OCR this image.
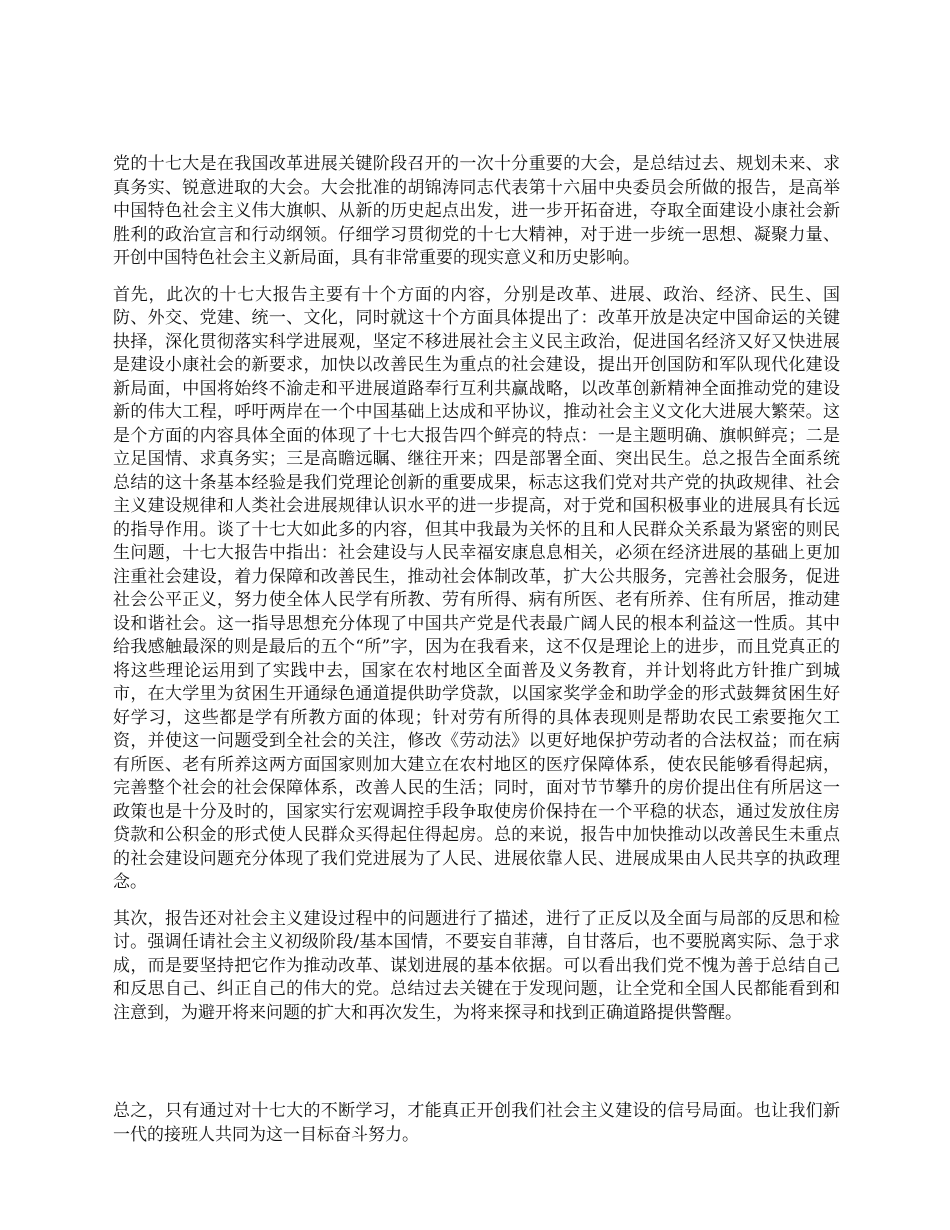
党的十七大是在我国改革进展关键阶段召开的一次十分重要的大会，是总结过去、规划未来、求真务实、锐意进取的大会。大会批准的胡锦涛同志代表第十六届中央委员会所做的报告，是高举中国特色社会主义伟大旗帜、从新的历史起点出发，进一步开拓奋进，夺取全面建设小康社会新胜利的政治宣言和行动纲领。仔细学习贯彻党的十七大精神，对于进一步统一思想、凝聚力量、开创中国特色社会主义新局面，具有非常重要的现实意义和历史影响。

首先，此次的十七大报告主要有十个方面的内容，分别是改革、进展、政治、经济、民生、国防、外交、党建、统一、文化，同时就这十个方面具体提出了：改革开放是决定中国命运的关键抉择，深化贯彻落实科学进展观，坚定不移进展社会主义民主政治，促进国名经济又好又快进展是建设小康社会的新要求，加快以改善民生为重点的社会建设，提出开创国防和军队现代化建设新局面，中国将始终不渝走和平进展道路奉行互利共赢战略，以改革创新精神全面推动党的建设新的伟大工程，呼吁两岸在一个中国基础上达成和平协议，推动社会主义文化大进展大繁荣。这是个方面的内容具体全面的体现了十七大报告四个鲜亮的特点：一是主题明确、旗帜鲜亮；二是立足国情、求真务实；三是高瞻远瞩、继往开来；四是部署全面、突出民生。总之报告全面系统总结的这十条基本经验是我们党理论创新的重要成果，标志这我们党对共产党的执政规律、社会主义建设规律和人类社会进展规律认识水平的进一步提高，对于党和国积极事业的进展具有长远的指导作用。谈了十七大如此多的内容，但其中我最为关怀的且和人民群众关系最为紧密的则民生问题，十七大报告中指出：社会建设与人民幸福安康息息相关，必须在经济进展的基础上更加注重社会建设，着力保障和改善民生，推动社会体制改革，扩大公共服务，完善社会服务，促进社会公平正义，努力使全体人民学有所教、劳有所得、病有所医、老有所养、住有所居，推动建设和谐社会。这一指导思想充分体现了中国共产党是代表最广阔人民的根本利益这一性质。其中给我感触最深的则是最后的五个“所”字，因为在我看来，这不仅是理论上的进步，而且党真正的将这些理论运用到了实践中去，国家在农村地区全面普及义务教育，并计划将此方针推广到城市，在大学里为贫困生开通绿色通道提供助学贷款，以国家奖学金和助学金的形式鼓舞贫困生好好学习，这些都是学有所教方面的体现；针对劳有所得的具体表现则是帮助农民工索要拖欠工资，并使这一问题受到全社会的关注，修改《劳动法》以更好地保护劳动者的合法权益；而在病有所医、老有所养这两方面国家则加大建立在农村地区的医疗保障体系，使农民能够看得起病，完善整个社会的社会保障体系，改善人民的生活；同时，面对节节攀升的房价提出住有所居这一政策也是十分及时的，国家实行宏观调控手段争取使房价保持在一个平稳的状态，通过发放住房贷款和公积金的形式使人民群众买得起住得起房。总的来说，报告中加快推动以改善民生未重点的社会建设问题充分体现了我们党进展为了人民、进展依靠人民、进展成果由人民共享的执政理念。

其次，报告还对社会主义建设过程中的问题进行了描述，进行了正反以及全面与局部的反思和检讨。强调任请社会主义初级阶段/基本国情，不要妄自菲薄，自甘落后，也不要脱离实际、急于求成，而是要坚持把它作为推动改革、谋划进展的基本依据。可以看出我们党不愧为善于总结自己和反思自己、纠正自己的伟大的党。总结过去关键在于发现问题，让全党和全国人民都能看到和注意到，为避开将来问题的扩大和再次发生，为将来探寻和找到正确道路提供警醒。

总之，只有通过对十七大的不断学习，才能真正开创我们社会主义建设的信号局面。也让我们新一代的接班人共同为这一目标奋斗努力。
